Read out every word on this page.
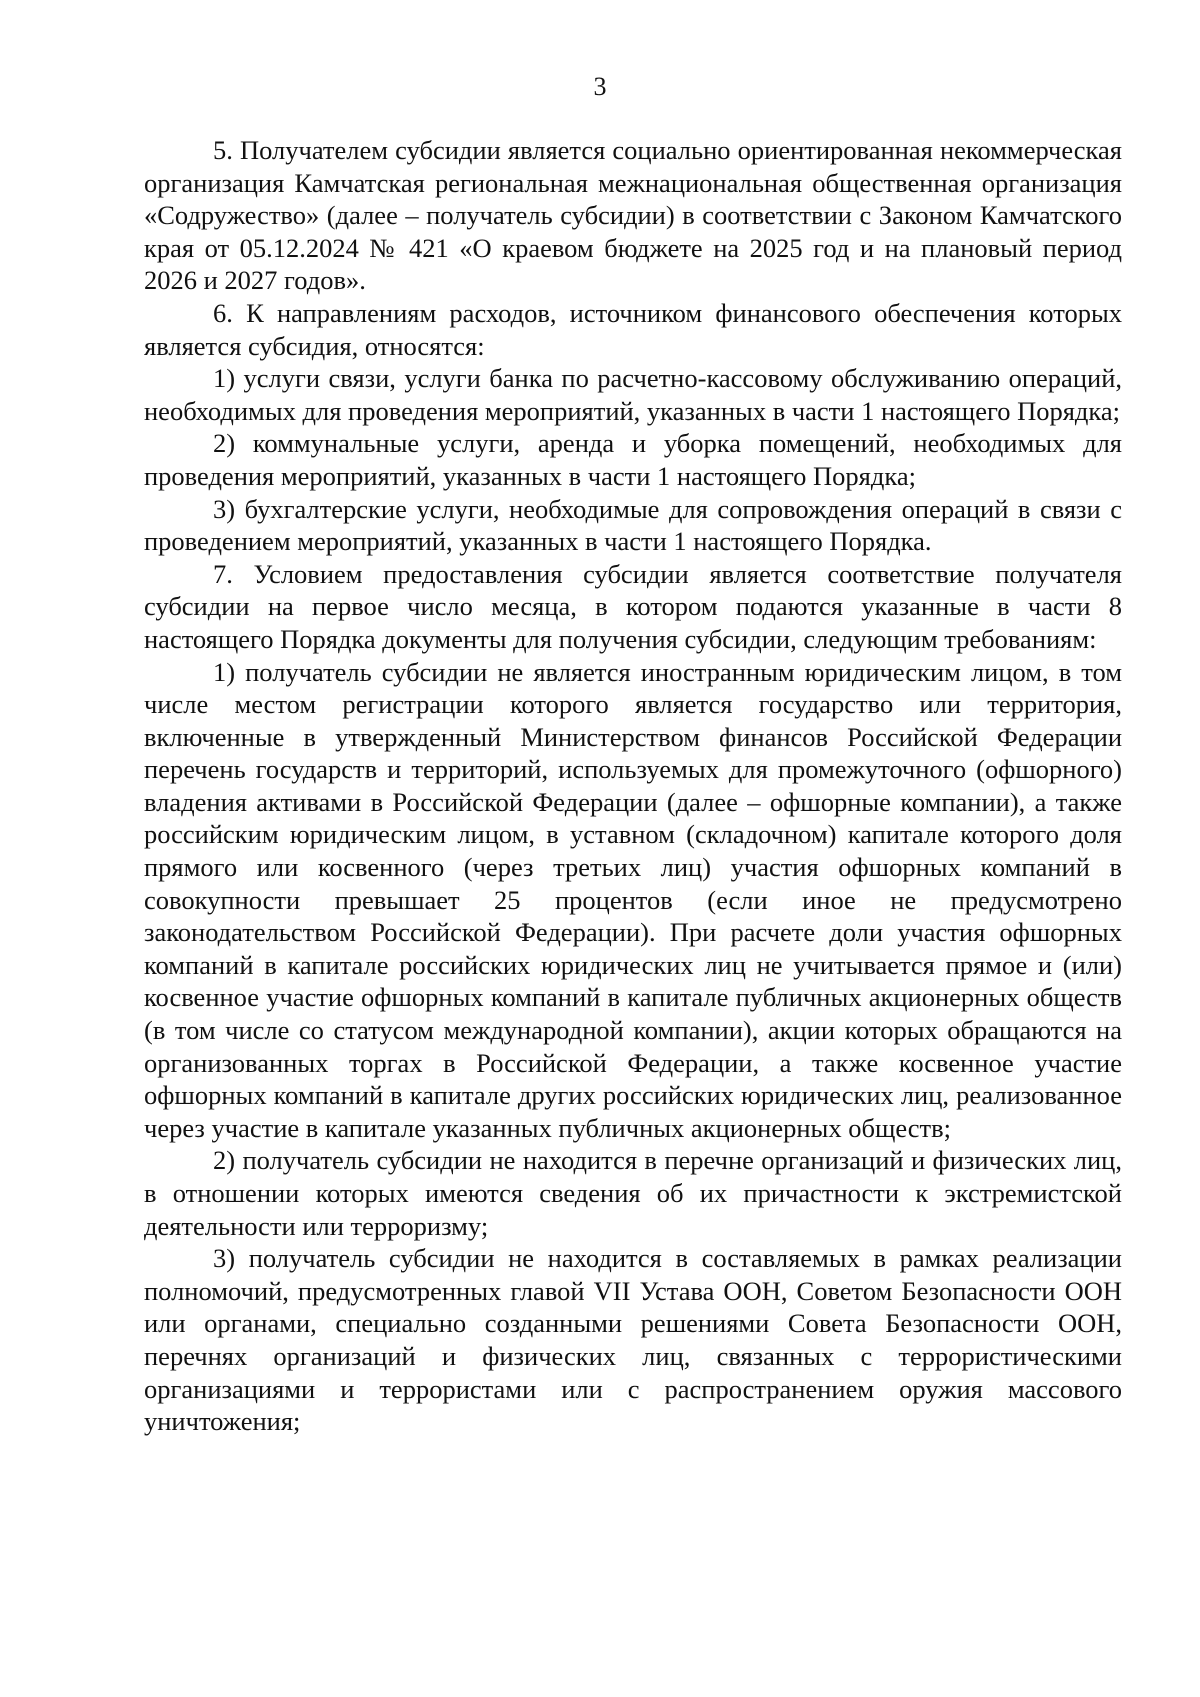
3

5. Получателем субсидии является социально ориентированная некоммерческая организация Камчатская региональная межнациональная общественная организация «Содружество» (далее – получатель субсидии) в соответствии с Законом Камчатского края от 05.12.2024 № 421 «О краевом бюджете на 2025 год и на плановый период 2026 и 2027 годов».

6. К направлениям расходов, источником финансового обеспечения которых является субсидия, относятся:

1) услуги связи, услуги банка по расчетно-кассовому обслуживанию операций, необходимых для проведения мероприятий, указанных в части 1 настоящего Порядка;

2) коммунальные услуги, аренда и уборка помещений, необходимых для проведения мероприятий, указанных в части 1 настоящего Порядка;

3) бухгалтерские услуги, необходимые для сопровождения операций в связи с проведением мероприятий, указанных в части 1 настоящего Порядка.

7. Условием предоставления субсидии является соответствие получателя субсидии на первое число месяца, в котором подаются указанные в части 8 настоящего Порядка документы для получения субсидии, следующим требованиям:

1) получатель субсидии не является иностранным юридическим лицом, в том числе местом регистрации которого является государство или территория, включенные в утвержденный Министерством финансов Российской Федерации перечень государств и территорий, используемых для промежуточного (офшорного) владения активами в Российской Федерации (далее – офшорные компании), а также российским юридическим лицом, в уставном (складочном) капитале которого доля прямого или косвенного (через третьих лиц) участия офшорных компаний в совокупности превышает 25 процентов (если иное не предусмотрено законодательством Российской Федерации). При расчете доли участия офшорных компаний в капитале российских юридических лиц не учитывается прямое и (или) косвенное участие офшорных компаний в капитале публичных акционерных обществ (в том числе со статусом международной компании), акции которых обращаются на организованных торгах в Российской Федерации, а также косвенное участие офшорных компаний в капитале других российских юридических лиц, реализованное через участие в капитале указанных публичных акционерных обществ;

2) получатель субсидии не находится в перечне организаций и физических лиц, в отношении которых имеются сведения об их причастности к экстремистской деятельности или терроризму;

3) получатель субсидии не находится в составляемых в рамках реализации полномочий, предусмотренных главой VII Устава ООН, Советом Безопасности ООН или органами, специально созданными решениями Совета Безопасности ООН, перечнях организаций и физических лиц, связанных с террористическими организациями и террористами или с распространением оружия массового уничтожения;
